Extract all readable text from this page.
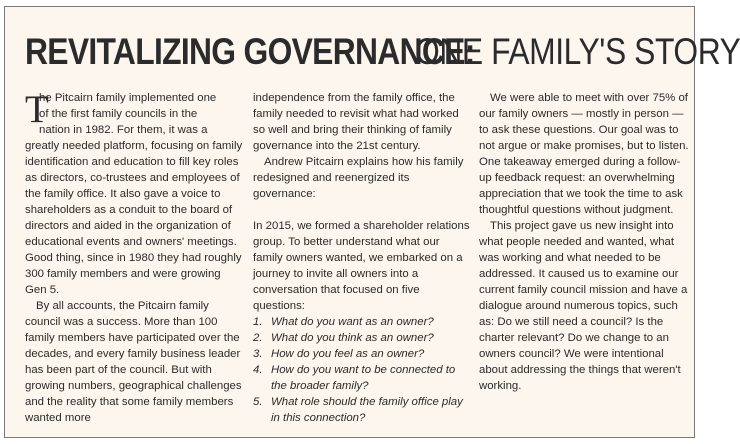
REVITALIZING GOVERNANCE:
ONE FAMILY'S STORY
T

he Pitcairn family implemented one

of the first family councils in the

nation in 1982. For them, it was a

greatly needed platform, focusing on family identification and education to fill key roles as directors, co-trustees and employees of the family office. It also gave a voice to shareholders as a conduit to the board of directors and aided in the organization of educational events and owners' meetings. Good thing, since in 1980 they had roughly 300 family members and were growing Gen 5.

By all accounts, the Pitcairn family council was a success. More than 100 family members have participated over the decades, and every family business leader has been part of the council. But with growing numbers, geographical challenges and the reality that some family members wanted more

independence from the family office, the family needed to revisit what had worked so well and bring their thinking of family governance into the 21st century.

Andrew Pitcairn explains how his family redesigned and reenergized its governance:

In 2015, we formed a shareholder relations group. To better understand what our family owners wanted, we embarked on a journey to invite all owners into a conversation that focused on five questions:

1. What do you want as an owner?
2. What do you think as an owner?
3. How do you feel as an owner?
4. How do you want to be connected to the broader family?
5. What role should the family office play in this connection?

We were able to meet with over 75% of our family owners — mostly in person — to ask these questions. Our goal was to not argue or make promises, but to listen. One takeaway emerged during a follow-up feedback request: an overwhelming appreciation that we took the time to ask thoughtful questions without judgment.

This project gave us new insight into what people needed and wanted, what was working and what needed to be addressed. It caused us to examine our current family council mission and have a dialogue around numerous topics, such as: Do we still need a council? Is the charter relevant? Do we change to an owners council? We were intentional about addressing the things that weren't working.
